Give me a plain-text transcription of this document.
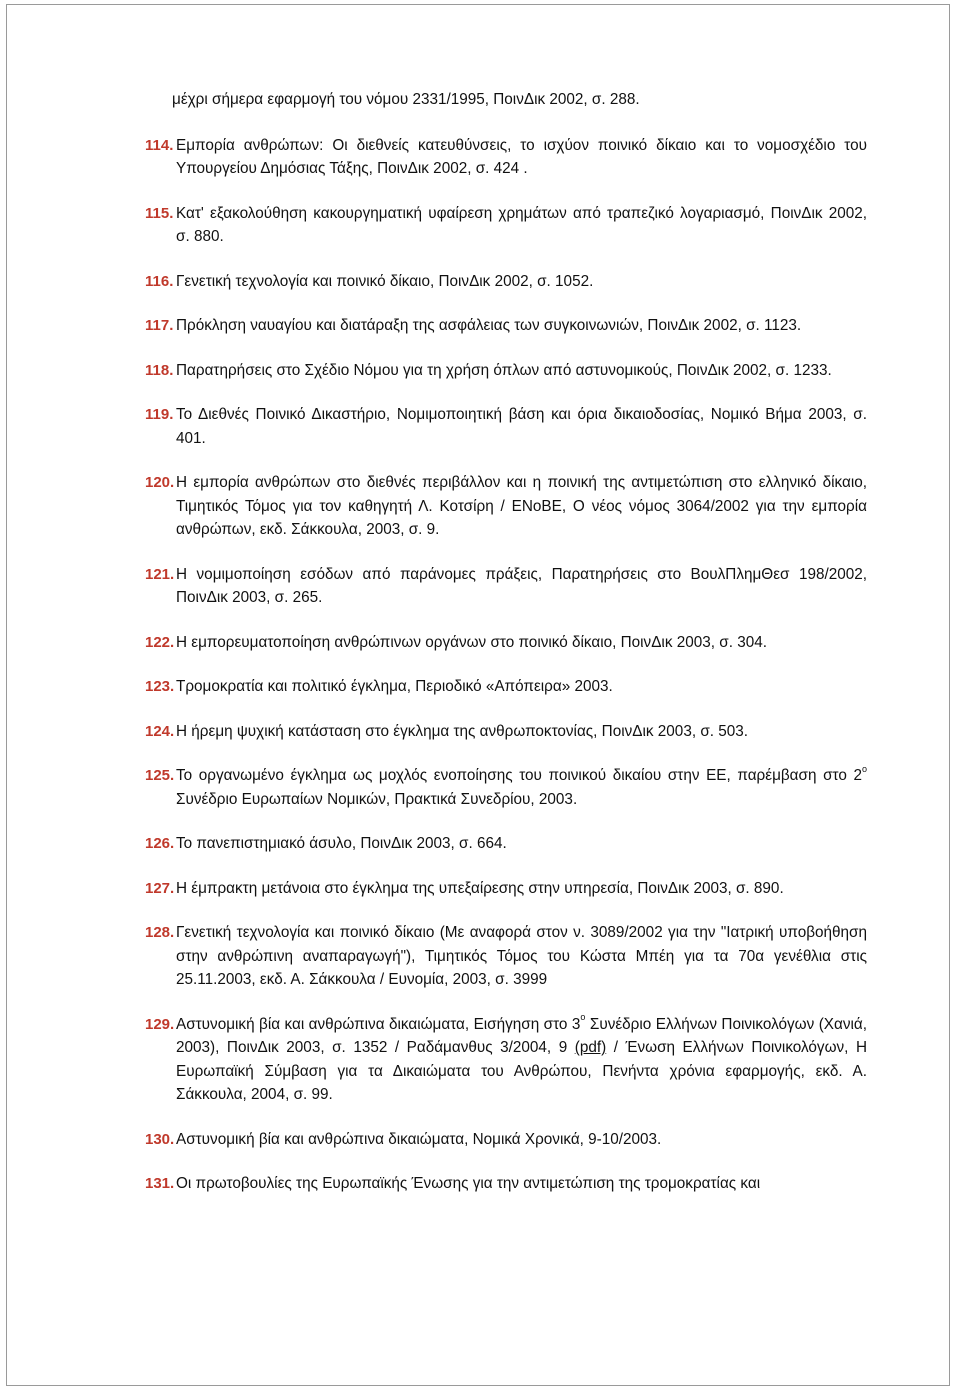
μέχρι σήμερα εφαρμογή του νόμου 2331/1995, ΠοινΔικ 2002, σ. 288.

114. Εμπορία ανθρώπων: Οι διεθνείς κατευθύνσεις, το ισχύον ποινικό δίκαιο και το νομοσχέδιο του Υπουργείου Δημόσιας Τάξης, ΠοινΔικ 2002, σ. 424 .
115. Κατ' εξακολούθηση κακουργηματική υφαίρεση χρημάτων από τραπεζικό λογαριασμό, ΠοινΔικ 2002, σ. 880.
116. Γενετική τεχνολογία και ποινικό δίκαιο, ΠοινΔικ 2002, σ. 1052.
117. Πρόκληση ναυαγίου και διατάραξη της ασφάλειας των συγκοινωνιών, ΠοινΔικ 2002, σ. 1123.
118. Παρατηρήσεις στο Σχέδιο Νόμου για τη χρήση όπλων από αστυνομικούς, ΠοινΔικ 2002, σ. 1233.
119. Το Διεθνές Ποινικό Δικαστήριο, Νομιμοποιητική βάση και όρια δικαιοδοσίας, Νομικό Βήμα 2003, σ. 401.
120. Η εμπορία ανθρώπων στο διεθνές περιβάλλον και η ποινική της αντιμετώπιση στο ελληνικό δίκαιο, Τιμητικός Τόμος για τον καθηγητή Λ. Κοτσίρη / ΕΝοΒΕ, Ο νέος νόμος 3064/2002 για την εμπορία ανθρώπων, εκδ. Σάκκουλα, 2003, σ. 9.
121. Η νομιμοποίηση εσόδων από παράνομες πράξεις, Παρατηρήσεις στο ΒουλΠλημΘεσ 198/2002, ΠοινΔικ 2003, σ. 265.
122. Η εμπορευματοποίηση ανθρώπινων οργάνων στο ποινικό δίκαιο, ΠοινΔικ 2003, σ. 304.
123. Τρομοκρατία και πολιτικό έγκλημα, Περιοδικό «Απόπειρα» 2003.
124. Η ήρεμη ψυχική κατάσταση στο έγκλημα της ανθρωποκτονίας, ΠοινΔικ 2003, σ. 503.
125. Το οργανωμένο έγκλημα ως μοχλός ενοποίησης του ποινικού δικαίου στην ΕΕ, παρέμβαση στο $2^o$ Συνέδριο Ευρωπαίων Νομικών, Πρακτικά Συνεδρίου, 2003.
126. Το πανεπιστημιακό άσυλο, ΠοινΔικ 2003, σ. 664.
127. Η έμπρακτη μετάνοια στο έγκλημα της υπεξαίρεσης στην υπηρεσία, ΠοινΔικ 2003, σ. 890.
128. Γενετική τεχνολογία και ποινικό δίκαιο (Με αναφορά στον ν. 3089/2002 για την "Ιατρική υποβοήθηση στην ανθρώπινη αναπαραγωγή"), Τιμητικός Τόμος του Κώστα Μπέη για τα 70α γενέθλια στις 25.11.2003, εκδ. Α. Σάκκουλα / Ευνομία, 2003, σ. 3999
129. Αστυνομική βία και ανθρώπινα δικαιώματα, Εισήγηση στο $3^o$ Συνέδριο Ελλήνων Ποινικολόγων (Χανιά, 2003), ΠοινΔικ 2003, σ. 1352 / Ραδάμανθυς 3/2004, 9 (pdf) / Ένωση Ελλήνων Ποινικολόγων, Η Ευρωπαϊκή Σύμβαση για τα Δικαιώματα του Ανθρώπου, Πενήντα χρόνια εφαρμογής, εκδ. Α. Σάκκουλα, 2004, σ. 99.
130. Αστυνομική βία και ανθρώπινα δικαιώματα, Νομικά Χρονικά, 9-10/2003.
131. Οι πρωτοβουλίες της Ευρωπαϊκής Ένωσης για την αντιμετώπιση της τρομοκρατίας και
